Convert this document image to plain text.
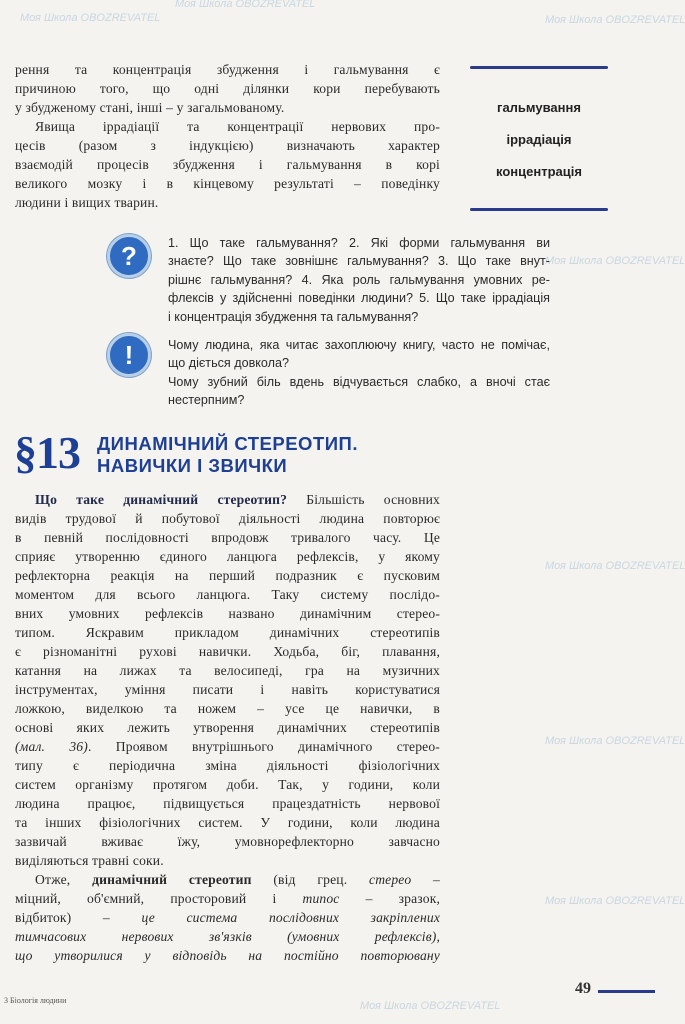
Моя Школа OBOZREVATEL
Моя Школа OBOZREVATEL
Моя Школа OBOZREVATEL
Моя Школа OBOZREVATEL
Моя Школа OBOZREVATEL
Моя Школа OBOZREVATEL
Моя Школа OBOZREVATEL
Моя Школа OBOZREVATEL
рення та концентрація збудження і гальмування є
причиною того, що одні ділянки кори перебувають
у збудженому стані, інші – у загальмованому.
Явища іррадіації та концентрації нервових про-
цесів (разом з індукцією) визначають характер
взаємодій процесів збудження і гальмування в корі
великого мозку і в кінцевому результаті – поведінку
людини і вищих тварин.
гальмування
іррадіація
концентрація
?	1. Що таке гальмування? 2. Які форми гальмування ви
знаєте? Що таке зовнішнє гальмування? 3. Що таке внут-
рішнє гальмування? 4. Яка роль гальмування умовних ре-
флексів у здійсненні поведінки людини? 5. Що таке іррадіація
і концентрація збудження та гальмування?
!	Чому людина, яка читає захоплюючу книгу, часто не помічає,
що діється довкола?
Чому зубний біль вдень відчувається слабко, а вночі стає
нестерпним?
§13 ДИНАМІЧНИЙ СТЕРЕОТИП.
НАВИЧКИ І ЗВИЧКИ
Що таке динамічний стереотип? Більшість основних
видів трудової й побутової діяльності людина повторює
в певній послідовності впродовж тривалого часу. Це
сприяє утворенню єдиного ланцюга рефлексів, у якому
рефлекторна реакція на перший подразник є пусковим
моментом для всього ланцюга. Таку систему послідо-
вних умовних рефлексів названо динамічним стерео-
типом. Яскравим прикладом динамічних стереотипів
є різноманітні рухові навички. Ходьба, біг, плавання,
катання на лижах та велосипеді, гра на музичних
інструментах, уміння писати і навіть користуватися
ложкою, виделкою та ножем – усе це навички, в
основі яких лежить утворення динамічних стереотипів
(мал. 36). Проявом внутрішнього динамічного стерео-
типу є періодична зміна діяльності фізіологічних
систем організму протягом доби. Так, у години, коли
людина працює, підвищується працездатність нервової
та інших фізіологічних систем. У години, коли людина
зазвичай вживає їжу, умовнорефлекторно завчасно
виділяються травні соки.
Отже, динамічний стереотип (від грец. стерео –
міцний, об'ємний, просторовий і типос – зразок,
відбиток) – це система послідовних закріплених
тимчасових нервових зв'язків (умовних рефлексів),
що утворилися у відповідь на постійно повторювану
49
3 Біологія людини
